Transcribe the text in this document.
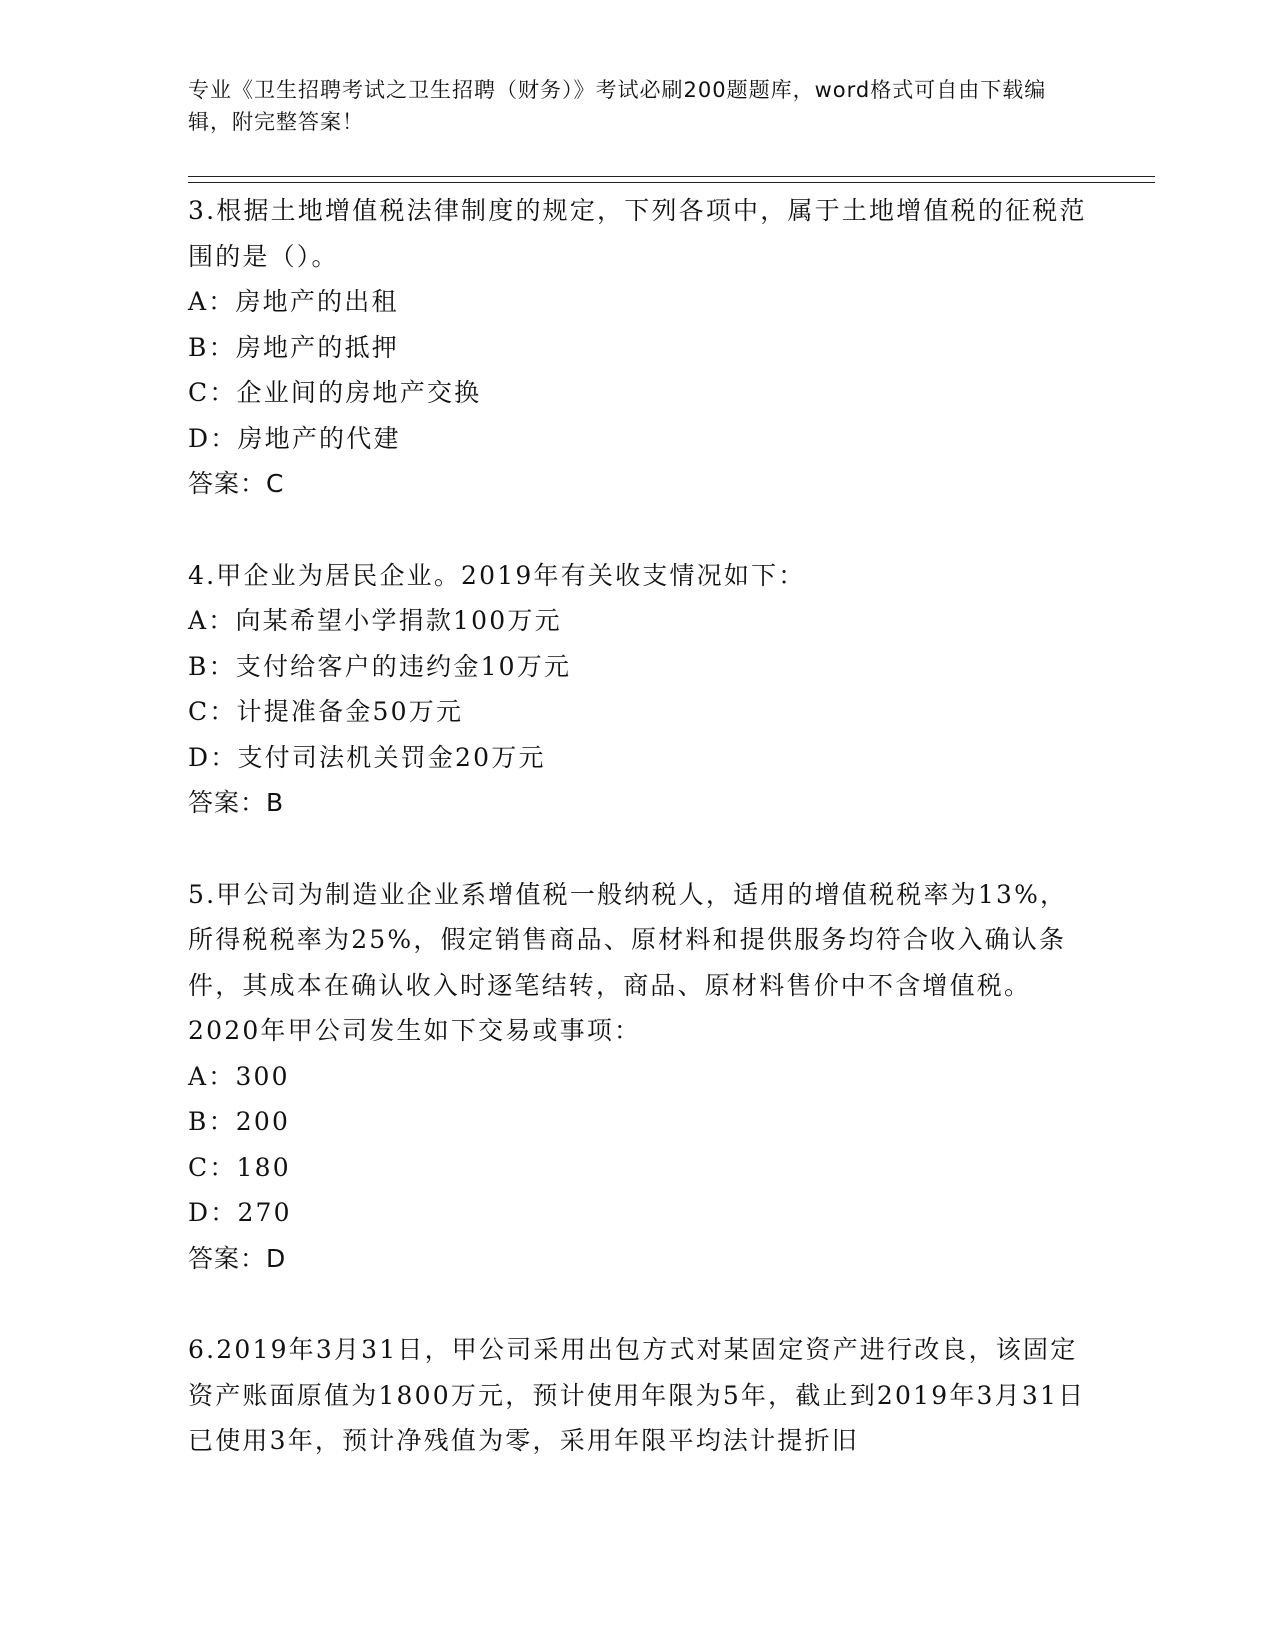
专业《卫生招聘考试之卫生招聘（财务）》考试必刷200题题库，word格式可自由下载编辑，附完整答案！

3.根据土地增值税法律制度的规定，下列各项中，属于土地增值税的征税范围的是（）。

A：房地产的出租

B：房地产的抵押

C：企业间的房地产交换

D：房地产的代建

答案：C

4.甲企业为居民企业。2019年有关收支情况如下：

A：向某希望小学捐款100万元

B：支付给客户的违约金10万元

C：计提准备金50万元

D：支付司法机关罚金20万元

答案：B

5.甲公司为制造业企业系增值税一般纳税人，适用的增值税税率为13%，所得税税率为25%，假定销售商品、原材料和提供服务均符合收入确认条件，其成本在确认收入时逐笔结转，商品、原材料售价中不含增值税。2020年甲公司发生如下交易或事项：

A：300

B：200

C：180

D：270

答案：D

6.2019年3月31日，甲公司采用出包方式对某固定资产进行改良，该固定资产账面原值为1800万元，预计使用年限为5年，截止到2019年3月31日已使用3年，预计净残值为零，采用年限平均法计提折旧
